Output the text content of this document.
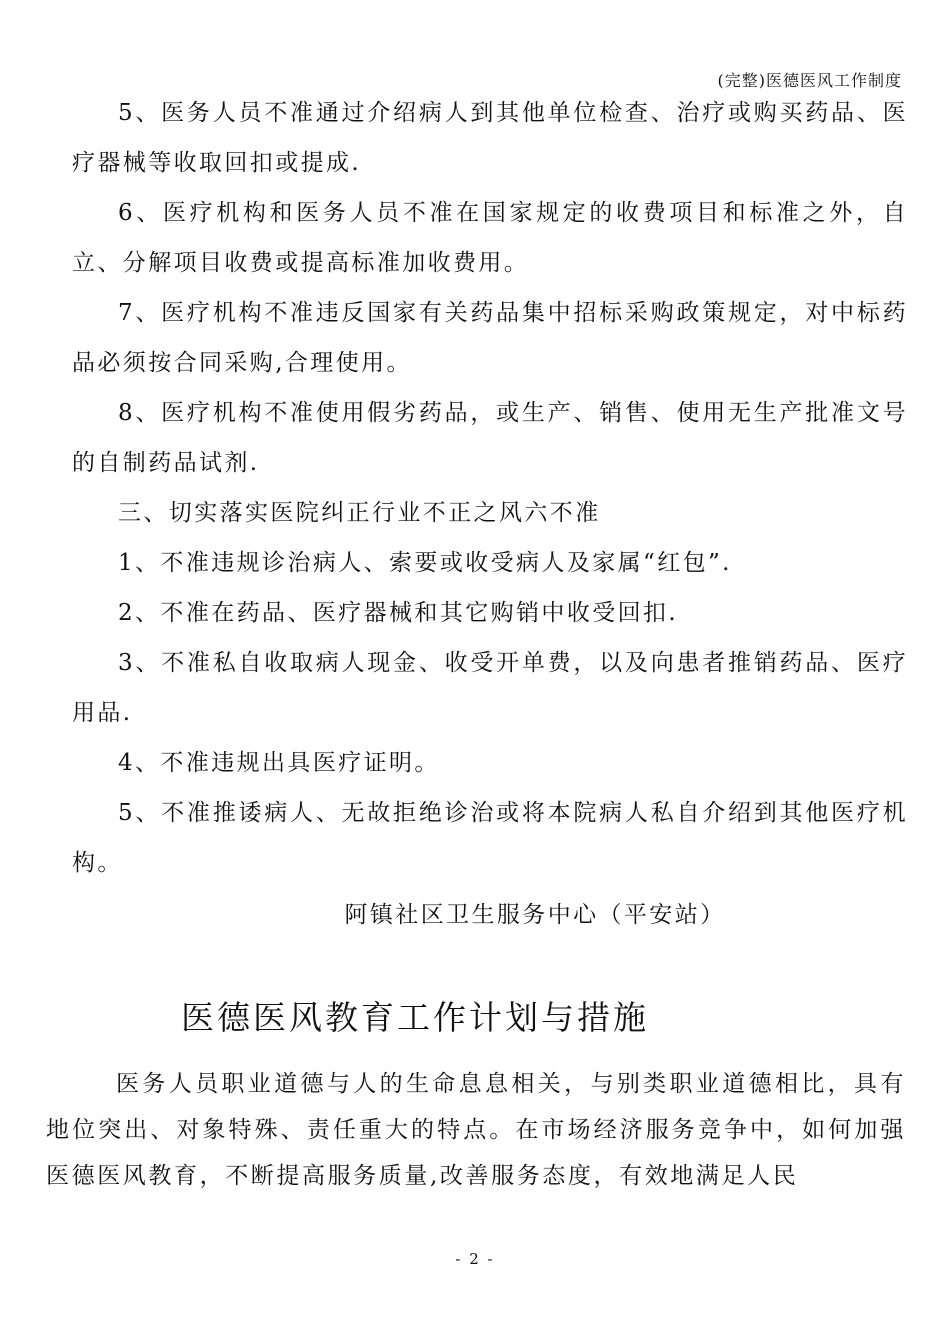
(完整)医德医风工作制度

5、医务人员不准通过介绍病人到其他单位检查、治疗或购买药品、医疗器械等收取回扣或提成.

6、医疗机构和医务人员不准在国家规定的收费项目和标准之外，自立、分解项目收费或提高标准加收费用。

7、医疗机构不准违反国家有关药品集中招标采购政策规定，对中标药品必须按合同采购,合理使用。

8、医疗机构不准使用假劣药品，或生产、销售、使用无生产批准文号的自制药品试剂.

三、切实落实医院纠正行业不正之风六不准

1、不准违规诊治病人、索要或收受病人及家属“红包”.

2、不准在药品、医疗器械和其它购销中收受回扣.

3、不准私自收取病人现金、收受开单费，以及向患者推销药品、医疗用品.

4、不准违规出具医疗证明。

5、不准推诿病人、无故拒绝诊治或将本院病人私自介绍到其他医疗机构。

阿镇社区卫生服务中心（平安站）

医德医风教育工作计划与措施

医务人员职业道德与人的生命息息相关，与别类职业道德相比，具有地位突出、对象特殊、责任重大的特点。在市场经济服务竞争中，如何加强医德医风教育，不断提高服务质量,改善服务态度，有效地满足人民

- 2 -
